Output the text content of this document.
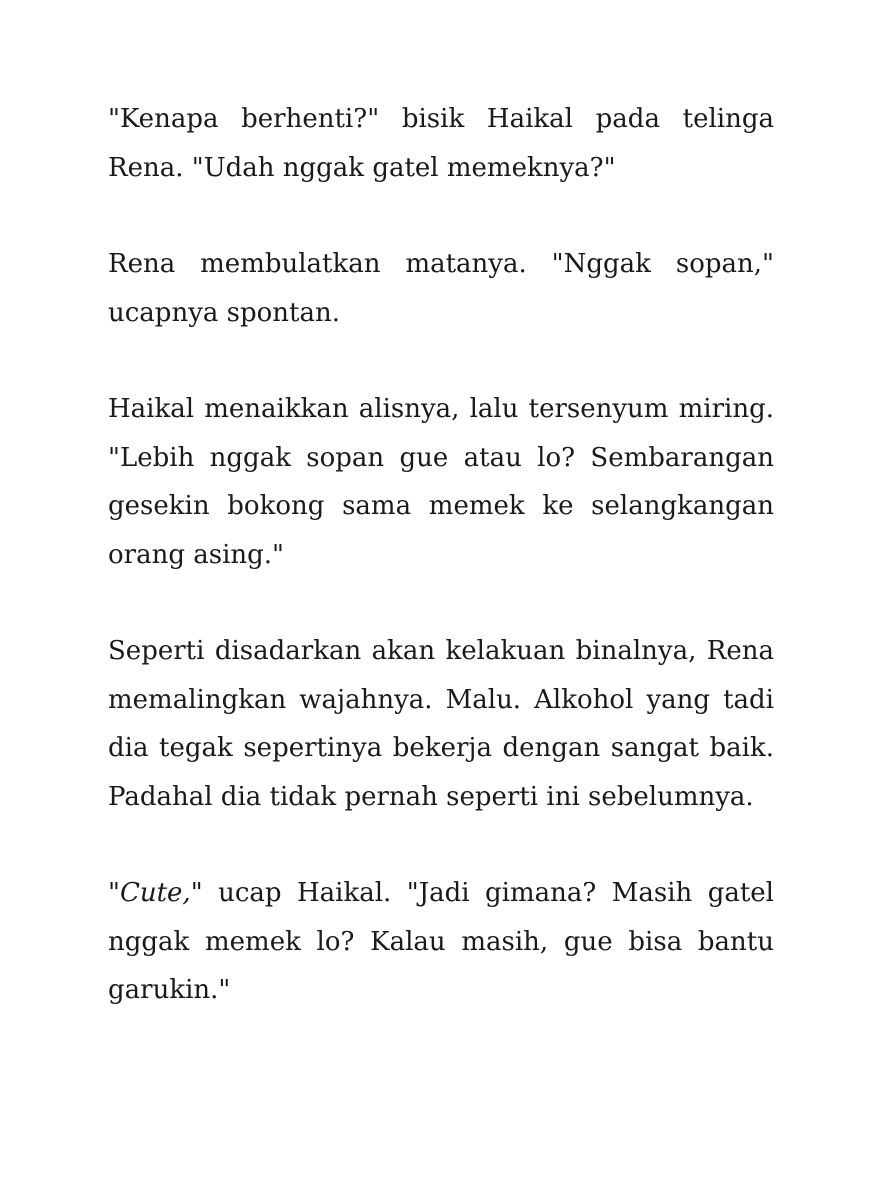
"Kenapa berhenti?" bisik Haikal pada telinga Rena. "Udah nggak gatel memeknya?"

Rena membulatkan matanya. "Nggak sopan," ucapnya spontan.

Haikal menaikkan alisnya, lalu tersenyum miring. "Lebih nggak sopan gue atau lo? Sembarangan gesekin bokong sama memek ke selangkangan orang asing."

Seperti disadarkan akan kelakuan binalnya, Rena memalingkan wajahnya. Malu. Alkohol yang tadi dia tegak sepertinya bekerja dengan sangat baik. Padahal dia tidak pernah seperti ini sebelumnya.

"Cute," ucap Haikal. "Jadi gimana? Masih gatel nggak memek lo? Kalau masih, gue bisa bantu garukin."
